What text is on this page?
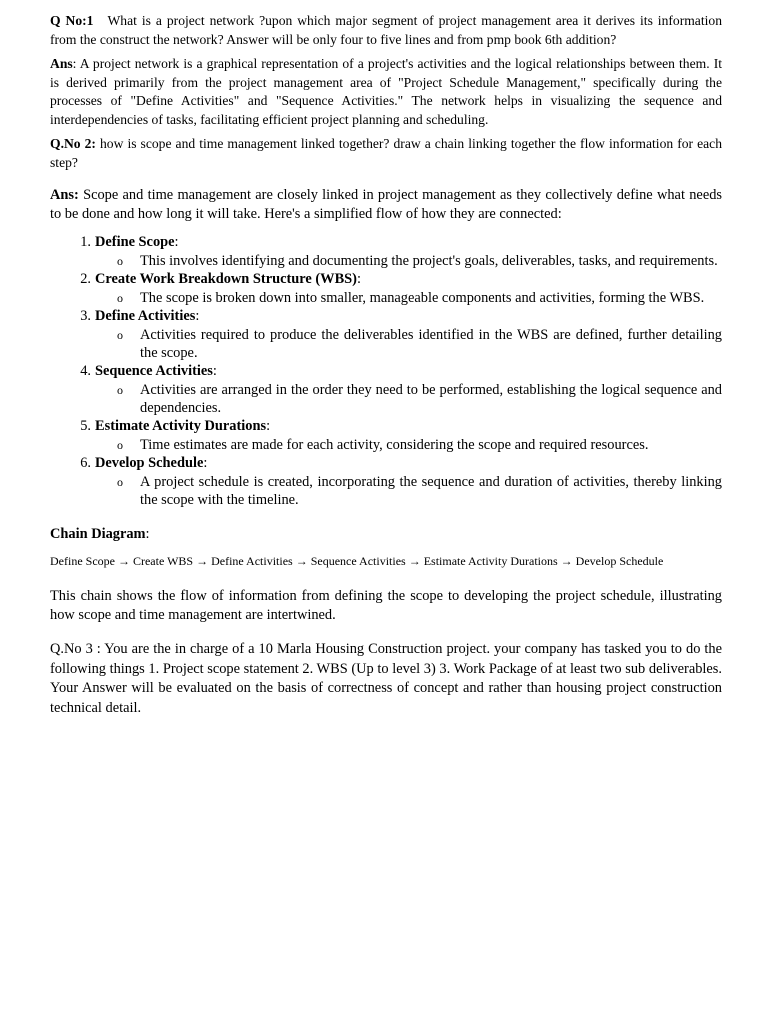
Q No:1 What is a project network ?upon which major segment of project management area it derives its information from the construct the network? Answer will be only four to five lines and from pmp book 6th addition?

Ans: A project network is a graphical representation of a project's activities and the logical relationships between them. It is derived primarily from the project management area of "Project Schedule Management," specifically during the processes of "Define Activities" and "Sequence Activities." The network helps in visualizing the sequence and interdependencies of tasks, facilitating efficient project planning and scheduling.

Q.No 2: how is scope and time management linked together? draw a chain linking together the flow information for each step?

Ans: Scope and time management are closely linked in project management as they collectively define what needs to be done and how long it will take. Here's a simplified flow of how they are connected:

1. Define Scope:
o This involves identifying and documenting the project's goals, deliverables, tasks, and requirements.
2. Create Work Breakdown Structure (WBS):
o The scope is broken down into smaller, manageable components and activities, forming the WBS.
3. Define Activities:
o Activities required to produce the deliverables identified in the WBS are defined, further detailing the scope.
4. Sequence Activities:
o Activities are arranged in the order they need to be performed, establishing the logical sequence and dependencies.
5. Estimate Activity Durations:
o Time estimates are made for each activity, considering the scope and required resources.
6. Develop Schedule:
o A project schedule is created, incorporating the sequence and duration of activities, thereby linking the scope with the timeline.

Chain Diagram:

Define Scope → Create WBS → Define Activities → Sequence Activities → Estimate Activity Durations → Develop Schedule

This chain shows the flow of information from defining the scope to developing the project schedule, illustrating how scope and time management are intertwined.

Q.No 3 : You are the in charge of a 10 Marla Housing Construction project. your company has tasked you to do the following things 1. Project scope statement 2. WBS (Up to level 3) 3. Work Package of at least two sub deliverables. Your Answer will be evaluated on the basis of correctness of concept and rather than housing project construction technical detail.
